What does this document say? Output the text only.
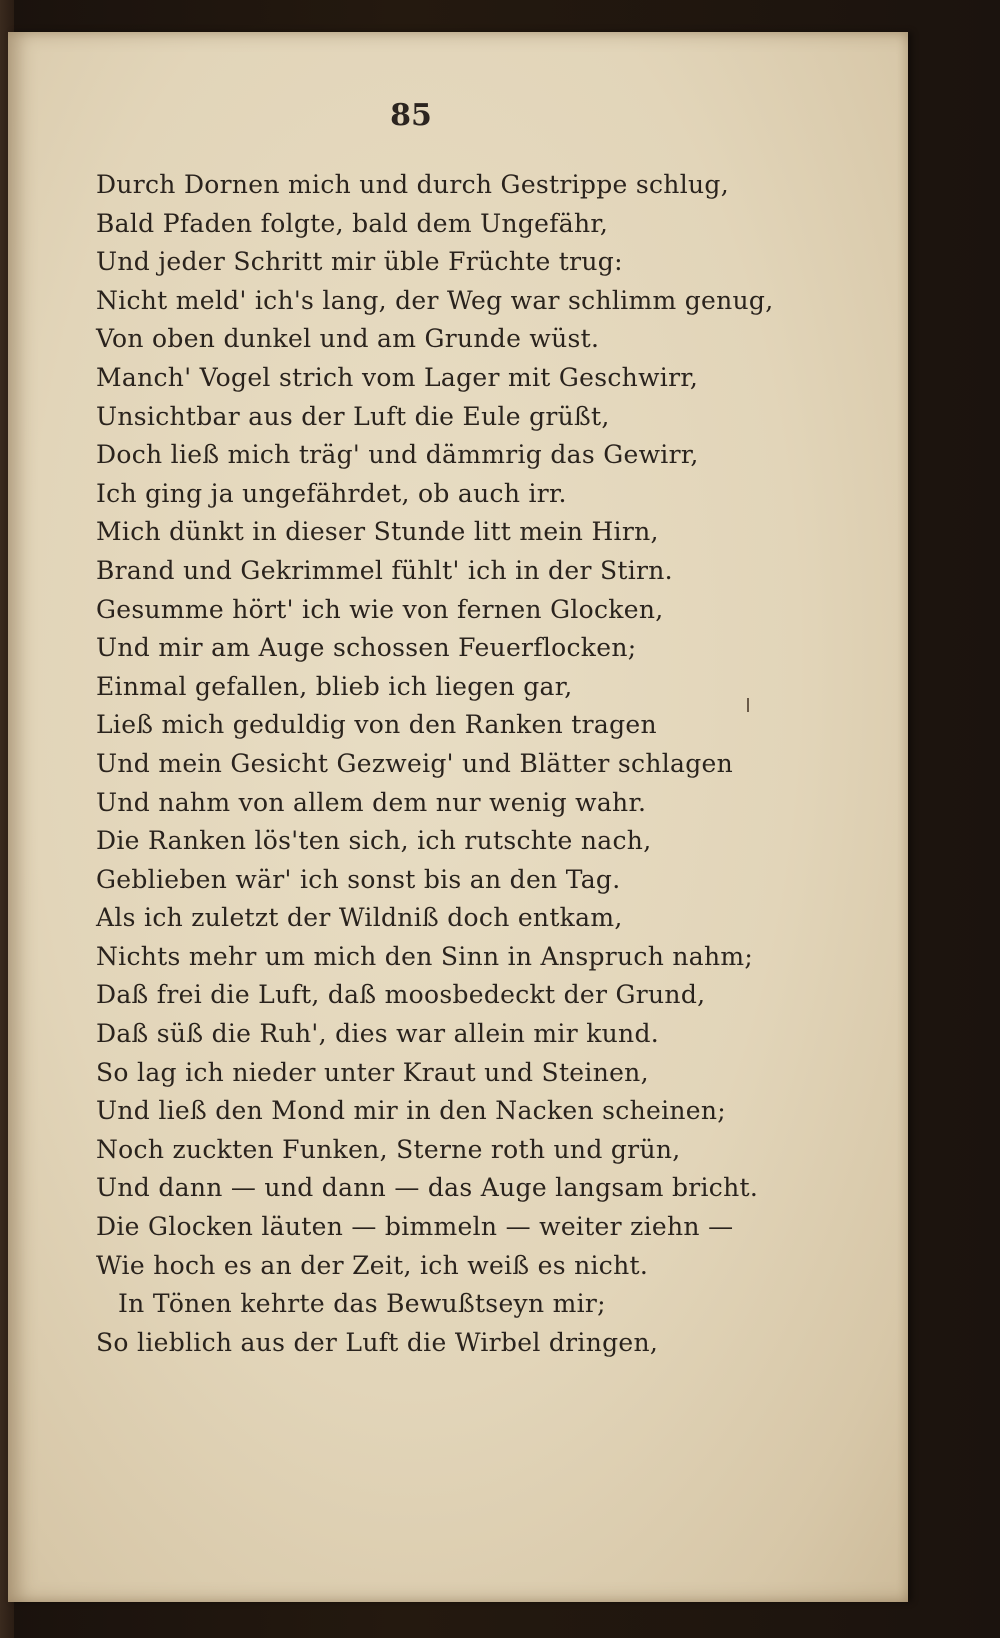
85
Durch Dornen mich und durch Gestrippe schlug,
Bald Pfaden folgte, bald dem Ungefähr,
Und jeder Schritt mir üble Früchte trug:
Nicht meld' ich's lang, der Weg war schlimm genug,
Von oben dunkel und am Grunde wüst.
Manch' Vogel strich vom Lager mit Geschwirr,
Unsichtbar aus der Luft die Eule grüßt,
Doch ließ mich träg' und dämmrig das Gewirr,
Ich ging ja ungefährdet, ob auch irr.
Mich dünkt in dieser Stunde litt mein Hirn,
Brand und Gekrimmel fühlt' ich in der Stirn.
Gesumme hört' ich wie von fernen Glocken,
Und mir am Auge schossen Feuerflocken;
Einmal gefallen, blieb ich liegen gar,
Ließ mich geduldig von den Ranken tragen
Und mein Gesicht Gezweig' und Blätter schlagen
Und nahm von allem dem nur wenig wahr.
Die Ranken lös'ten sich, ich rutschte nach,
Geblieben wär' ich sonst bis an den Tag.
Als ich zuletzt der Wildniß doch entkam,
Nichts mehr um mich den Sinn in Anspruch nahm;
Daß frei die Luft, daß moosbedeckt der Grund,
Daß süß die Ruh', dies war allein mir kund.
So lag ich nieder unter Kraut und Steinen,
Und ließ den Mond mir in den Nacken scheinen;
Noch zuckten Funken, Sterne roth und grün,
Und dann — und dann — das Auge langsam bricht.
Die Glocken läuten — bimmeln — weiter ziehn —
Wie hoch es an der Zeit, ich weiß es nicht.
In Tönen kehrte das Bewußtseyn mir;
So lieblich aus der Luft die Wirbel dringen,
